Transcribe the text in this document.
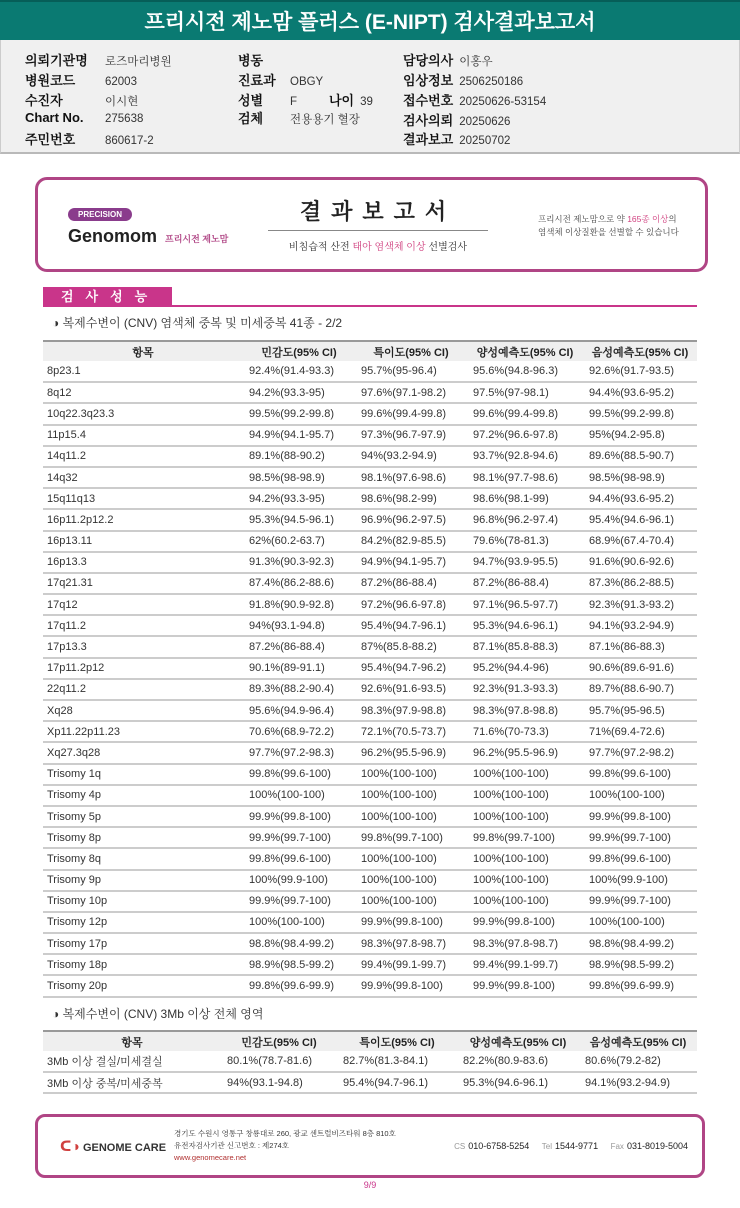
프리시전 제노맘 플러스 (E-NIPT) 검사결과보고서
의뢰기관명 로즈마리병원
병원코드	62003
수진자	이시현
Chart No. 275638
주민번호	860617-2
병동
진료과 OBGY
성별 F 나이 39
검체 전용용기 혈장
담당의사 이홍우
임상정보 2506250186
접수번호 20250626-53154
검사의뢰 20250626
결과보고 20250702
PRECISION
Genomom 프리시전 제노맘
결과보고서
비침습적 산전 태아 염색체 이상 선별검사
프리시전 제노맘으로 약 165종 이상의
염색체 이상질환을 선별할 수 있습니다
검사성능
◑ 복제수변이 (CNV) 염색체 중복 및 미세중복 41종 - 2/2
항목	민감도(95% CI)	특이도(95% CI)	양성예측도(95% CI)	음성예측도(95% CI)
8p23.1	92.4%(91.4-93.3)	95.7%(95-96.4)	95.6%(94.8-96.3)	92.6%(91.7-93.5)
8q12	94.2%(93.3-95)	97.6%(97.1-98.2)	97.5%(97-98.1)	94.4%(93.6-95.2)
10q22.3q23.3	99.5%(99.2-99.8)	99.6%(99.4-99.8)	99.6%(99.4-99.8)	99.5%(99.2-99.8)
11p15.4	94.9%(94.1-95.7)	97.3%(96.7-97.9)	97.2%(96.6-97.8)	95%(94.2-95.8)
14q11.2	89.1%(88-90.2)	94%(93.2-94.9)	93.7%(92.8-94.6)	89.6%(88.5-90.7)
14q32	98.5%(98-98.9)	98.1%(97.6-98.6)	98.1%(97.7-98.6)	98.5%(98-98.9)
15q11q13	94.2%(93.3-95)	98.6%(98.2-99)	98.6%(98.1-99)	94.4%(93.6-95.2)
16p11.2p12.2	95.3%(94.5-96.1)	96.9%(96.2-97.5)	96.8%(96.2-97.4)	95.4%(94.6-96.1)
16p13.11	62%(60.2-63.7)	84.2%(82.9-85.5)	79.6%(78-81.3)	68.9%(67.4-70.4)
16p13.3	91.3%(90.3-92.3)	94.9%(94.1-95.7)	94.7%(93.9-95.5)	91.6%(90.6-92.6)
17q21.31	87.4%(86.2-88.6)	87.2%(86-88.4)	87.2%(86-88.4)	87.3%(86.2-88.5)
17q12	91.8%(90.9-92.8)	97.2%(96.6-97.8)	97.1%(96.5-97.7)	92.3%(91.3-93.2)
17q11.2	94%(93.1-94.8)	95.4%(94.7-96.1)	95.3%(94.6-96.1)	94.1%(93.2-94.9)
17p13.3	87.2%(86-88.4)	87%(85.8-88.2)	87.1%(85.8-88.3)	87.1%(86-88.3)
17p11.2p12	90.1%(89-91.1)	95.4%(94.7-96.2)	95.2%(94.4-96)	90.6%(89.6-91.6)
22q11.2	89.3%(88.2-90.4)	92.6%(91.6-93.5)	92.3%(91.3-93.3)	89.7%(88.6-90.7)
Xq28	95.6%(94.9-96.4)	98.3%(97.9-98.8)	98.3%(97.8-98.8)	95.7%(95-96.5)
Xp11.22p11.23	70.6%(68.9-72.2)	72.1%(70.5-73.7)	71.6%(70-73.3)	71%(69.4-72.6)
Xq27.3q28	97.7%(97.2-98.3)	96.2%(95.5-96.9)	96.2%(95.5-96.9)	97.7%(97.2-98.2)
Trisomy 1q	99.8%(99.6-100)	100%(100-100)	100%(100-100)	99.8%(99.6-100)
Trisomy 4p	100%(100-100)	100%(100-100)	100%(100-100)	100%(100-100)
Trisomy 5p	99.9%(99.8-100)	100%(100-100)	100%(100-100)	99.9%(99.8-100)
Trisomy 8p	99.9%(99.7-100)	99.8%(99.7-100)	99.8%(99.7-100)	99.9%(99.7-100)
Trisomy 8q	99.8%(99.6-100)	100%(100-100)	100%(100-100)	99.8%(99.6-100)
Trisomy 9p	100%(99.9-100)	100%(100-100)	100%(100-100)	100%(99.9-100)
Trisomy 10p	99.9%(99.7-100)	100%(100-100)	100%(100-100)	99.9%(99.7-100)
Trisomy 12p	100%(100-100)	99.9%(99.8-100)	99.9%(99.8-100)	100%(100-100)
Trisomy 17p	98.8%(98.4-99.2)	98.3%(97.8-98.7)	98.3%(97.8-98.7)	98.8%(98.4-99.2)
Trisomy 18p	98.9%(98.5-99.2)	99.4%(99.1-99.7)	99.4%(99.1-99.7)	98.9%(98.5-99.2)
Trisomy 20p	99.8%(99.6-99.9)	99.9%(99.8-100)	99.9%(99.8-100)	99.8%(99.6-99.9)
◑ 복제수변이 (CNV) 3Mb 이상 전체 영역
항목	민감도(95% CI)	특이도(95% CI)	양성예측도(95% CI)	음성예측도(95% CI)
3Mb 이상 결실/미세결실	80.1%(78.7-81.6)	82.7%(81.3-84.1)	82.2%(80.9-83.6)	80.6%(79.2-82)
3Mb 이상 중복/미세중복	94%(93.1-94.8)	95.4%(94.7-96.1)	95.3%(94.6-96.1)	94.1%(93.2-94.9)
ᑕ◑ GENOME CARE
경기도 수원시 영통구 창룡대로 260, 광교 센트럴비즈타워 8층 810호
유전자검사기관 신고번호 : 제274호
www.genomecare.net
CS 010-6758-5254 Tel 1544-9771 Fax 031-8019-5004
9/9
